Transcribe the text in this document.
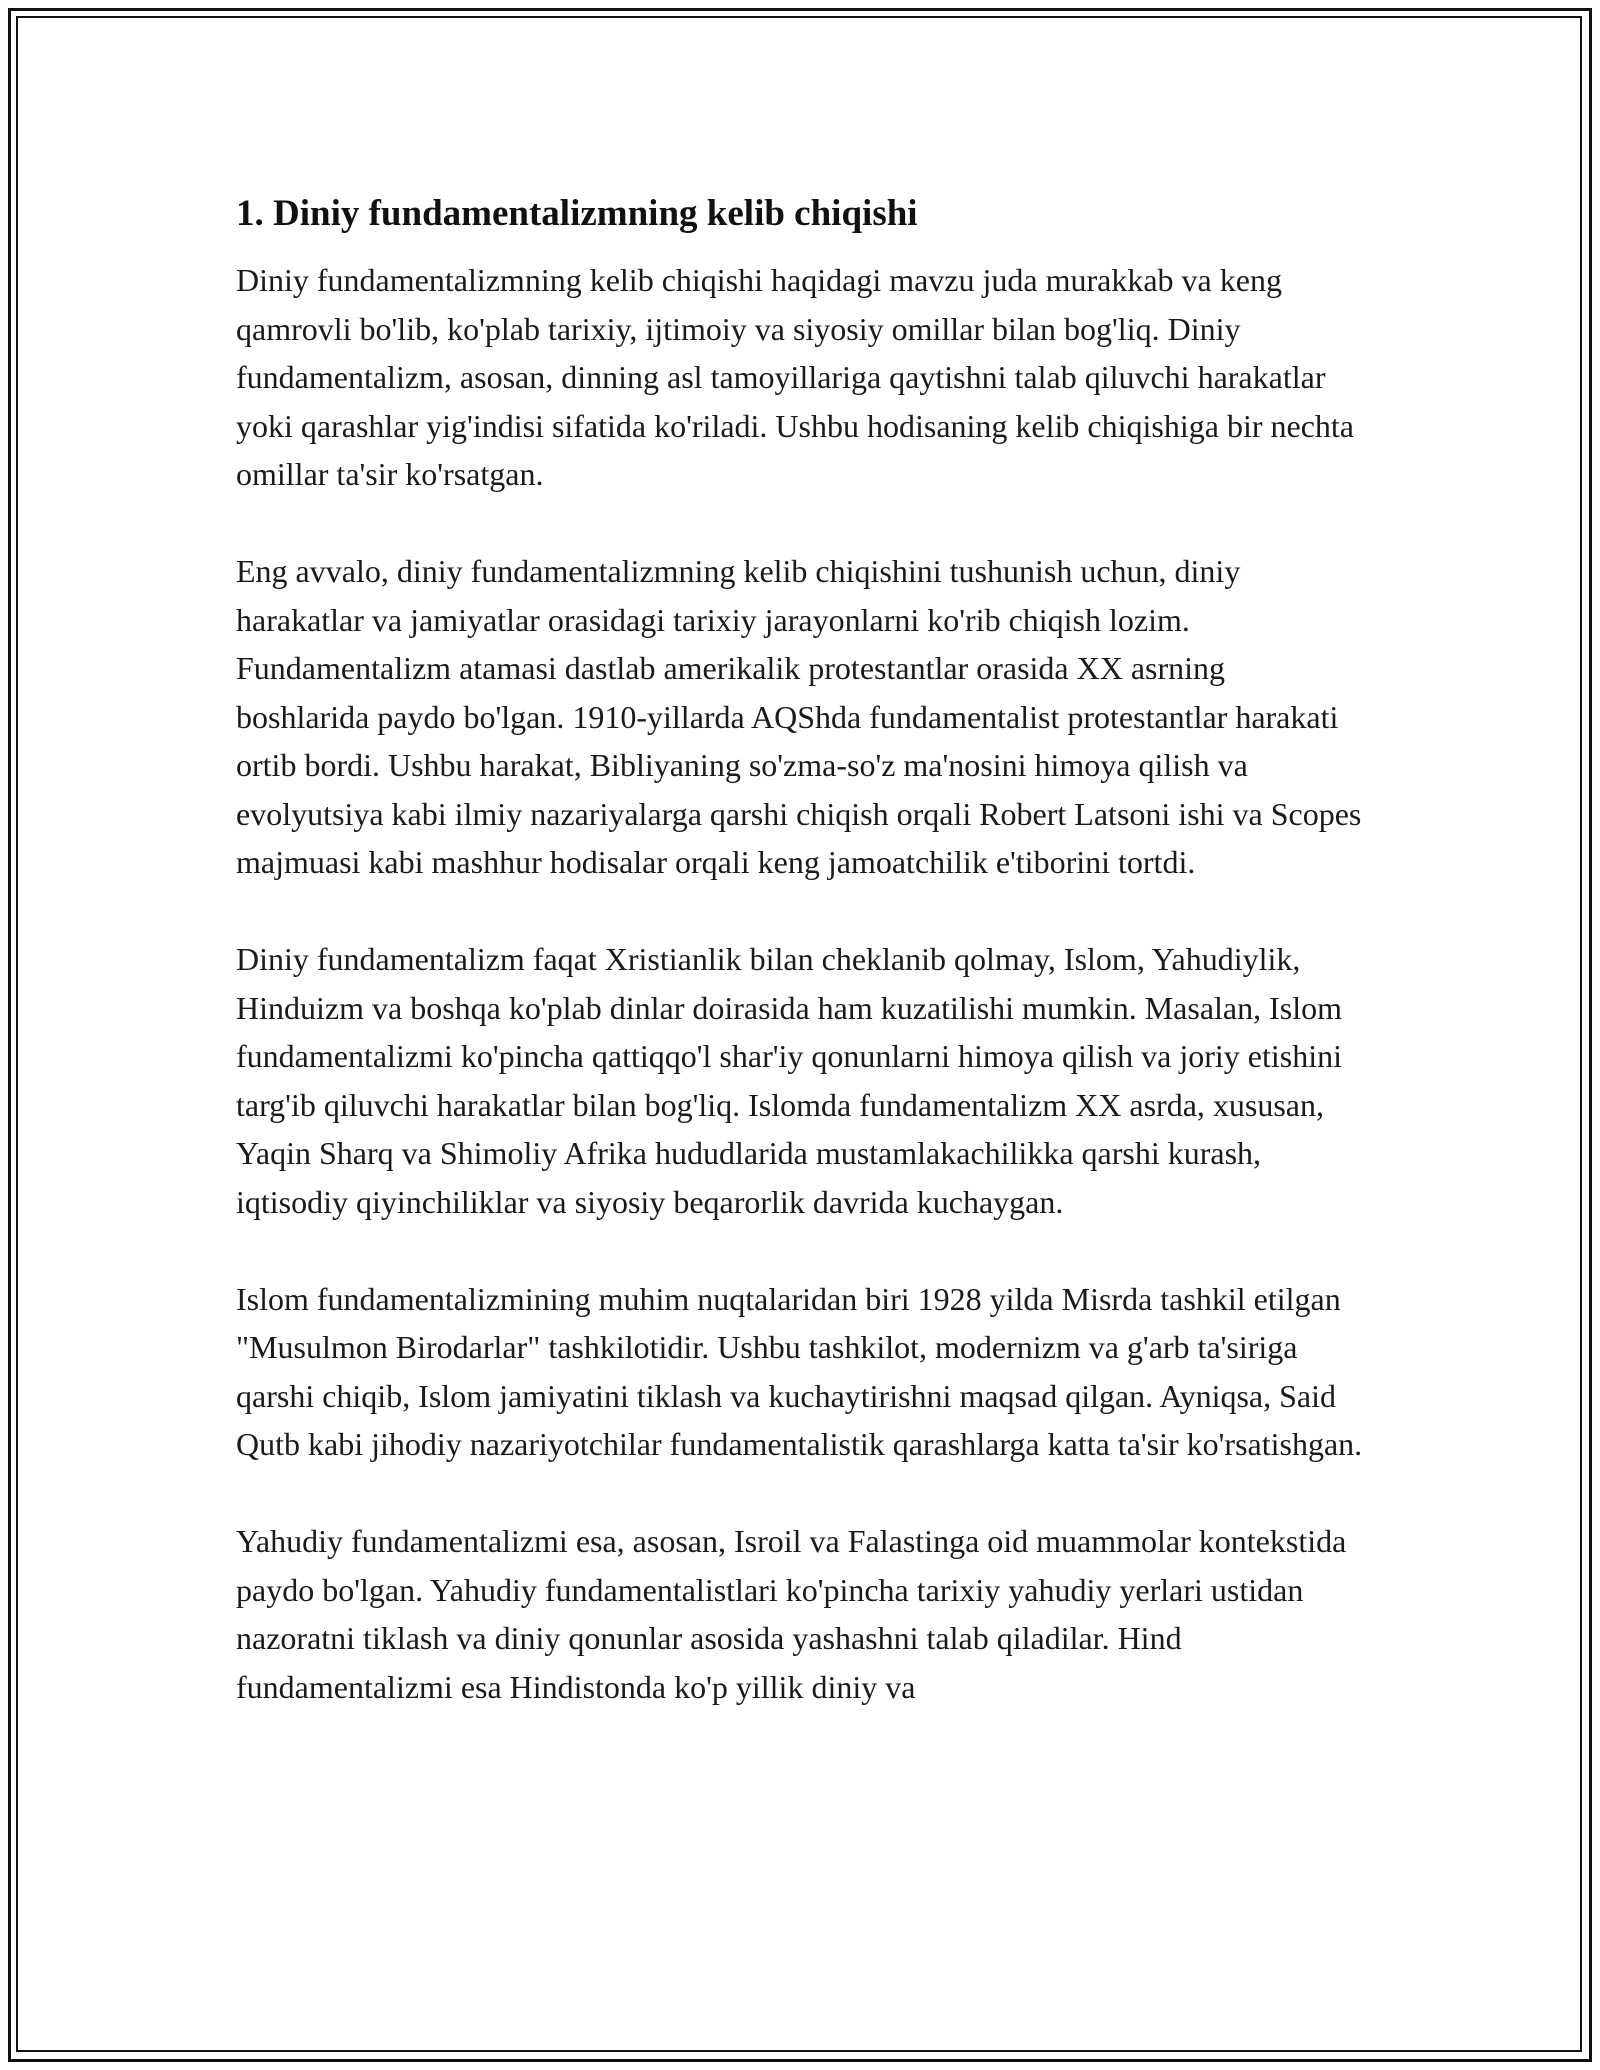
1. Diniy fundamentalizmning kelib chiqishi

Diniy fundamentalizmning kelib chiqishi haqidagi mavzu juda murakkab va keng qamrovli bo'lib, ko'plab tarixiy, ijtimoiy va siyosiy omillar bilan bog'liq. Diniy fundamentalizm, asosan, dinning asl tamoyillariga qaytishni talab qiluvchi harakatlar yoki qarashlar yig'indisi sifatida ko'riladi. Ushbu hodisaning kelib chiqishiga bir nechta omillar ta'sir ko'rsatgan.

Eng avvalo, diniy fundamentalizmning kelib chiqishini tushunish uchun, diniy harakatlar va jamiyatlar orasidagi tarixiy jarayonlarni ko'rib chiqish lozim. Fundamentalizm atamasi dastlab amerikalik protestantlar orasida XX asrning boshlarida paydo bo'lgan. 1910-yillarda AQShda fundamentalist protestantlar harakati ortib bordi. Ushbu harakat, Bibliyaning so'zma-so'z ma'nosini himoya qilish va evolyutsiya kabi ilmiy nazariyalarga qarshi chiqish orqali Robert Latsoni ishi va Scopes majmuasi kabi mashhur hodisalar orqali keng jamoatchilik e'tiborini tortdi.

Diniy fundamentalizm faqat Xristianlik bilan cheklanib qolmay, Islom, Yahudiylik, Hinduizm va boshqa ko'plab dinlar doirasida ham kuzatilishi mumkin. Masalan, Islom fundamentalizmi ko'pincha qattiqqo'l shar'iy qonunlarni himoya qilish va joriy etishini targ'ib qiluvchi harakatlar bilan bog'liq. Islomda fundamentalizm XX asrda, xususan, Yaqin Sharq va Shimoliy Afrika hududlarida mustamlakachilikka qarshi kurash, iqtisodiy qiyinchiliklar va siyosiy beqarorlik davrida kuchaygan.

Islom fundamentalizmining muhim nuqtalaridan biri 1928 yilda Misrda tashkil etilgan "Musulmon Birodarlar" tashkilotidir. Ushbu tashkilot, modernizm va g'arb ta'siriga qarshi chiqib, Islom jamiyatini tiklash va kuchaytirishni maqsad qilgan. Ayniqsa, Said Qutb kabi jihodiy nazariyotchilar fundamentalistik qarashlarga katta ta'sir ko'rsatishgan.

Yahudiy fundamentalizmi esa, asosan, Isroil va Falastinga oid muammolar kontekstida paydo bo'lgan. Yahudiy fundamentalistlari ko'pincha tarixiy yahudiy yerlari ustidan nazoratni tiklash va diniy qonunlar asosida yashashni talab qiladilar. Hind fundamentalizmi esa Hindistonda ko'p yillik diniy va
